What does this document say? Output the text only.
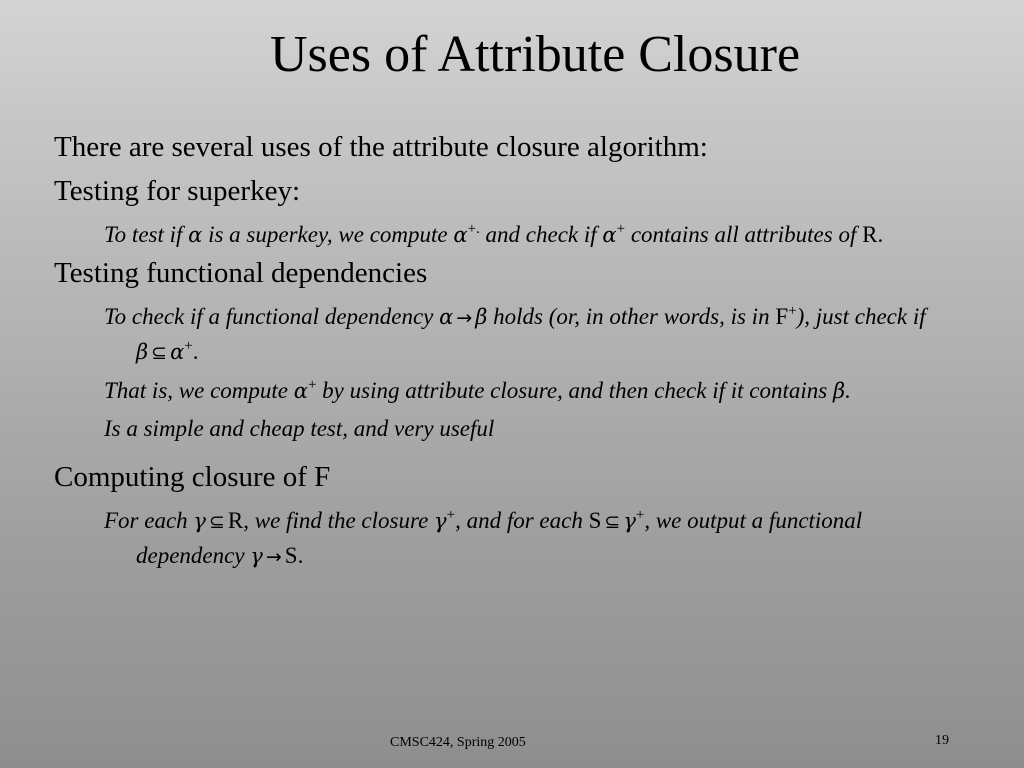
Uses of Attribute Closure

There are several uses of the attribute closure algorithm:

Testing for superkey:

To test if α is a superkey, we compute α+. and check if α+ contains all attributes of R.

Testing functional dependencies

To check if a functional dependency α → β holds (or, in other words, is in F+), just check if β ⊆ α+.

That is, we compute α+ by using attribute closure, and then check if it contains β.

Is a simple and cheap test, and very useful

Computing closure of F

For each γ ⊆ R, we find the closure γ+, and for each S ⊆ γ+, we output a functional dependency γ → S.

CMSC424, Spring 2005	19
